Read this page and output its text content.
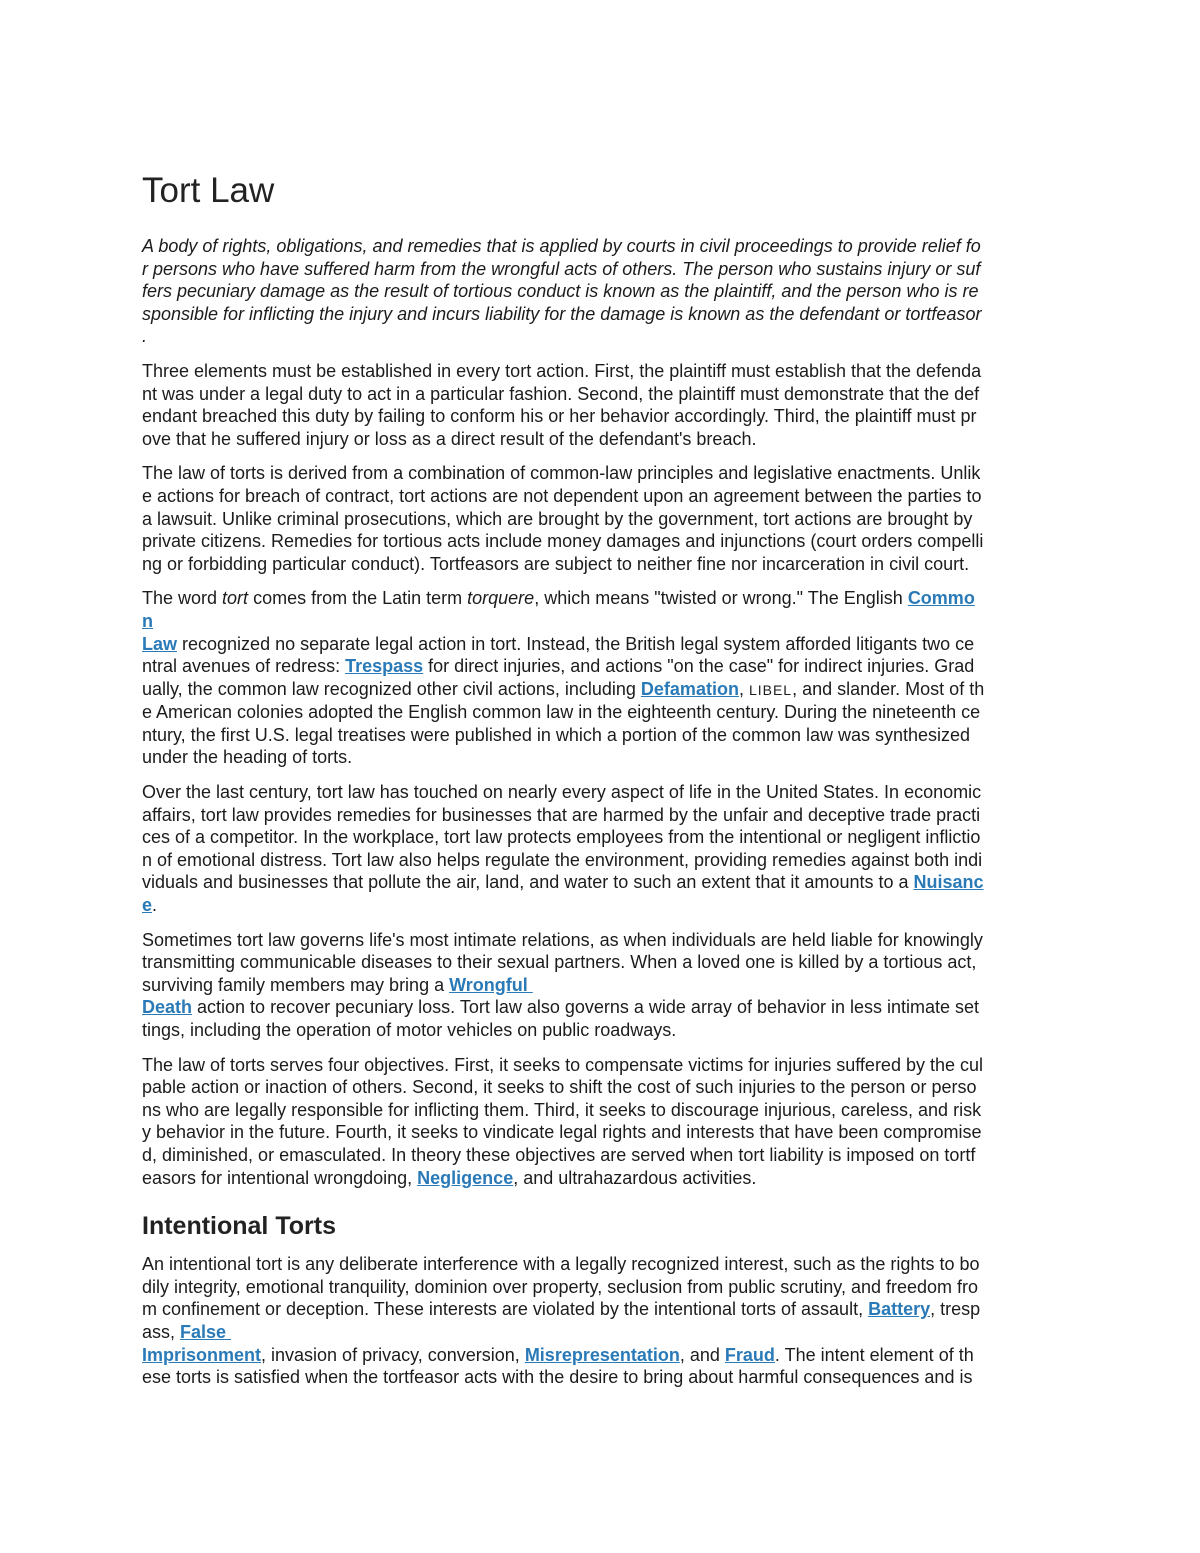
Tort Law

A body of rights, obligations, and remedies that is applied by courts in civil proceedings to provide relief fo
r persons who have suffered harm from the wrongful acts of others. The person who sustains injury or suf
fers pecuniary damage as the result of tortious conduct is known as the plaintiff, and the person who is re
sponsible for inflicting the injury and incurs liability for the damage is known as the defendant or tortfeasor
.

Three elements must be established in every tort action. First, the plaintiff must establish that the defenda
nt was under a legal duty to act in a particular fashion. Second, the plaintiff must demonstrate that the def
endant breached this duty by failing to conform his or her behavior accordingly. Third, the plaintiff must pr
ove that he suffered injury or loss as a direct result of the defendant's breach.

The law of torts is derived from a combination of common-law principles and legislative enactments. Unlik
e actions for breach of contract, tort actions are not dependent upon an agreement between the parties to
a lawsuit. Unlike criminal prosecutions, which are brought by the government, tort actions are brought by
private citizens. Remedies for tortious acts include money damages and injunctions (court orders compelli
ng or forbidding particular conduct). Tortfeasors are subject to neither fine nor incarceration in civil court.

The word tort comes from the Latin term torquere, which means "twisted or wrong." The English Commo
n
Law recognized no separate legal action in tort. Instead, the British legal system afforded litigants two ce
ntral avenues of redress: Trespass for direct injuries, and actions "on the case" for indirect injuries. Grad
ually, the common law recognized other civil actions, including Defamation, LIBEL, and slander. Most of th
e American colonies adopted the English common law in the eighteenth century. During the nineteenth ce
ntury, the first U.S. legal treatises were published in which a portion of the common law was synthesized
under the heading of torts.

Over the last century, tort law has touched on nearly every aspect of life in the United States. In economic
affairs, tort law provides remedies for businesses that are harmed by the unfair and deceptive trade practi
ces of a competitor. In the workplace, tort law protects employees from the intentional or negligent inflictio
n of emotional distress. Tort law also helps regulate the environment, providing remedies against both indi
viduals and businesses that pollute the air, land, and water to such an extent that it amounts to a Nuisanc
e.

Sometimes tort law governs life's most intimate relations, as when individuals are held liable for knowingly
transmitting communicable diseases to their sexual partners. When a loved one is killed by a tortious act,
surviving family members may bring a Wrongful
Death action to recover pecuniary loss. Tort law also governs a wide array of behavior in less intimate set
tings, including the operation of motor vehicles on public roadways.

The law of torts serves four objectives. First, it seeks to compensate victims for injuries suffered by the cul
pable action or inaction of others. Second, it seeks to shift the cost of such injuries to the person or perso
ns who are legally responsible for inflicting them. Third, it seeks to discourage injurious, careless, and risk
y behavior in the future. Fourth, it seeks to vindicate legal rights and interests that have been compromise
d, diminished, or emasculated. In theory these objectives are served when tort liability is imposed on tortf
easors for intentional wrongdoing, Negligence, and ultrahazardous activities.

Intentional Torts

An intentional tort is any deliberate interference with a legally recognized interest, such as the rights to bo
dily integrity, emotional tranquility, dominion over property, seclusion from public scrutiny, and freedom fro
m confinement or deception. These interests are violated by the intentional torts of assault, Battery, tresp
ass, False
Imprisonment, invasion of privacy, conversion, Misrepresentation, and Fraud. The intent element of th
ese torts is satisfied when the tortfeasor acts with the desire to bring about harmful consequences and is
